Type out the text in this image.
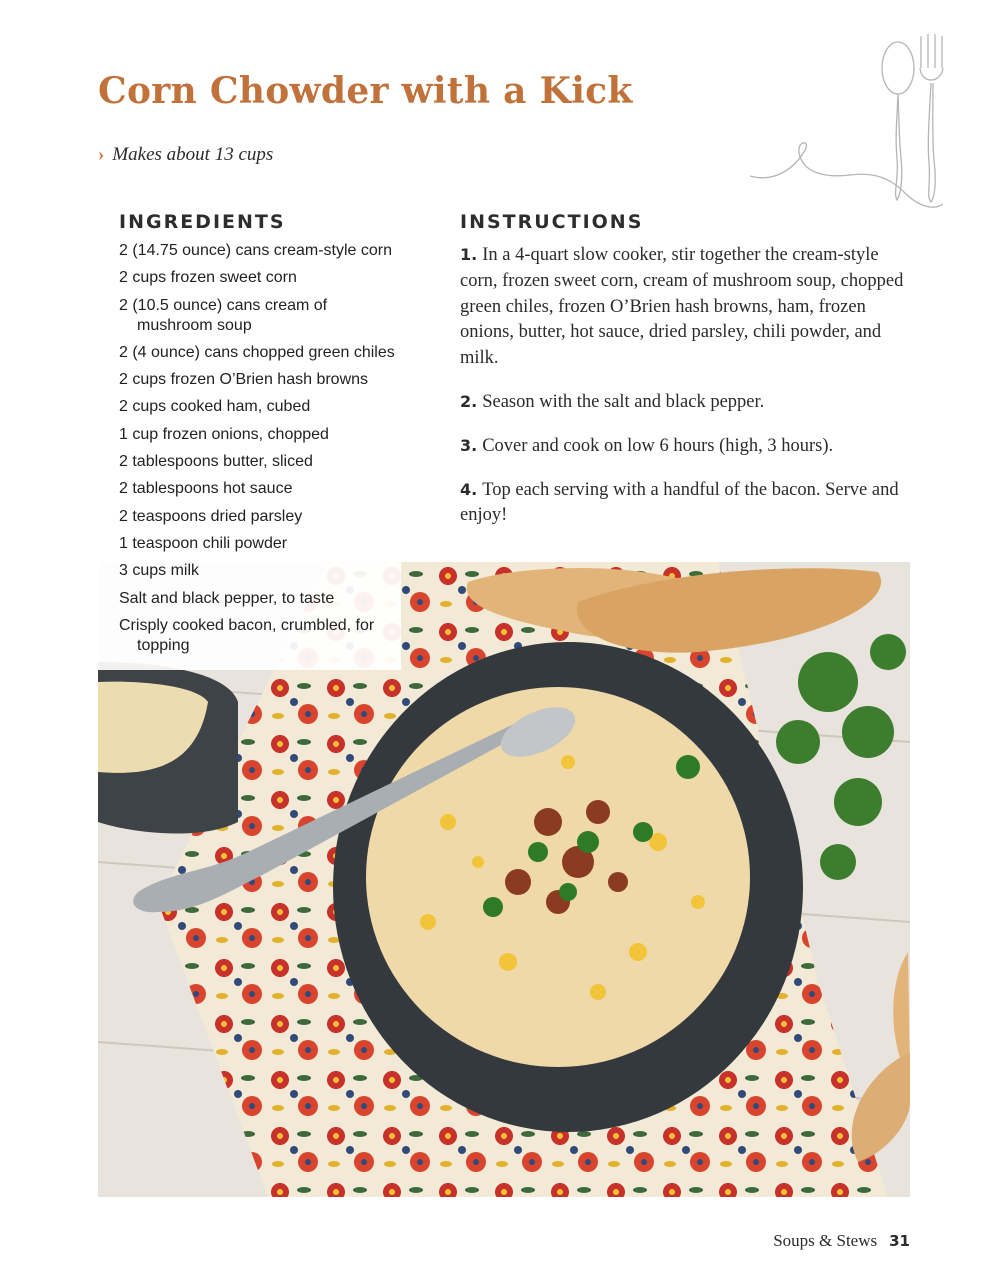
Corn Chowder with a Kick
› Makes about 13 cups
INGREDIENTS
2 (14.75 ounce) cans cream-style corn
2 cups frozen sweet corn
2 (10.5 ounce) cans cream of mushroom soup
2 (4 ounce) cans chopped green chiles
2 cups frozen O’Brien hash browns
2 cups cooked ham, cubed
1 cup frozen onions, chopped
2 tablespoons butter, sliced
2 tablespoons hot sauce
2 teaspoons dried parsley
1 teaspoon chili powder
3 cups milk
Salt and black pepper, to taste
Crisply cooked bacon, crumbled, for topping
INSTRUCTIONS
1. In a 4-quart slow cooker, stir together the cream-style corn, frozen sweet corn, cream of mushroom soup, chopped green chiles, frozen O’Brien hash browns, ham, frozen onions, butter, hot sauce, dried parsley, chili powder, and milk.
2. Season with the salt and black pepper.
3. Cover and cook on low 6 hours (high, 3 hours).
4. Top each serving with a handful of the bacon. Serve and enjoy!
Soups & Stews 31
